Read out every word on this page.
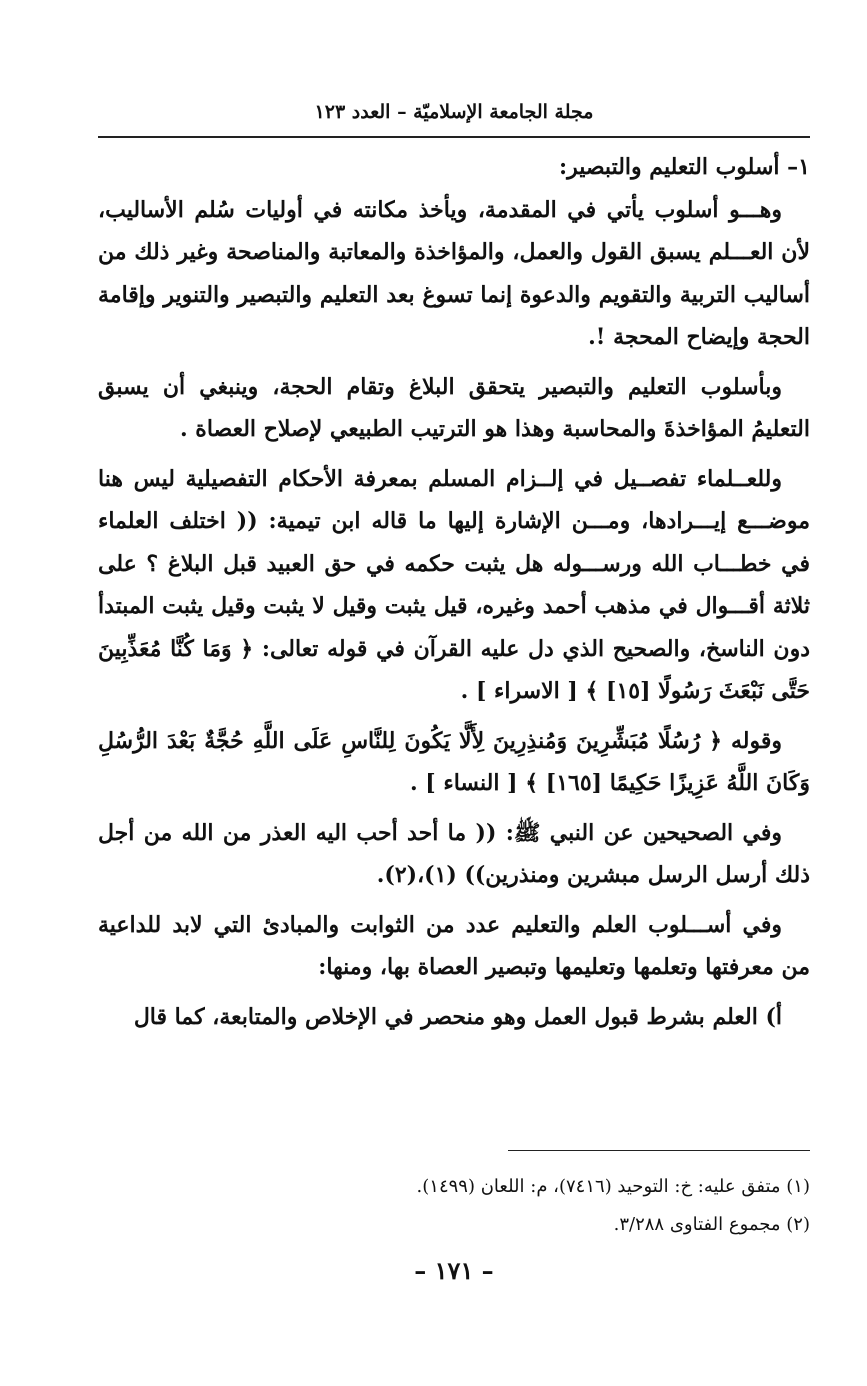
مجلة الجامعة الإسلاميّة – العدد ١٢٣

١– أسلوب التعليم والتبصير:

وهـــو أسلوب يأتي في المقدمة، ويأخذ مكانته في أوليات سُلم الأساليب، لأن العـــلم يسبق القول والعمل، والمؤاخذة والمعاتبة والمناصحة وغير ذلك من أساليب التربية والتقويم والدعوة إنما تسوغ بعد التعليم والتبصير والتنوير وإقامة الحجة وإيضاح المحجة !.

وبأسلوب التعليم والتبصير يتحقق البلاغ وتقام الحجة، وينبغي أن يسبق التعليمُ المؤاخذةَ والمحاسبة وهذا هو الترتيب الطبيعي لإصلاح العصاة .

وللعــلماء تفصــيل في إلــزام المسلم بمعرفة الأحكام التفصيلية ليس هنا موضـــع إيـــرادها، ومـــن الإشارة إليها ما قاله ابن تيمية: (( اختلف العلماء في خطـــاب الله ورســـوله هل يثبت حكمه في حق العبيد قبل البلاغ ؟ على ثلاثة أقـــوال في مذهب أحمد وغيره، قيل يثبت وقيل لا يثبت وقيل يثبت المبتدأ دون الناسخ، والصحيح الذي دل عليه القرآن في قوله تعالى: ﴿ وَمَا كُنَّا مُعَذِّبِينَ حَتَّى نَبْعَثَ رَسُولًا [١٥] ﴾ [ الاسراء ] .

وقوله ﴿ رُسُلًا مُبَشِّرِينَ وَمُنذِرِينَ لِأَلَّا يَكُونَ لِلنَّاسِ عَلَى اللَّهِ حُجَّةٌ بَعْدَ الرُّسُلِ وَكَانَ اللَّهُ عَزِيزًا حَكِيمًا [١٦٥] ﴾ [ النساء ] .

وفي الصحيحين عن النبي ﷺ: (( ما أحد أحب اليه العذر من الله من أجل ذلك أرسل الرسل مبشرين ومنذرين)) (١)،(٢).

وفي أســـلوب العلم والتعليم عدد من الثوابت والمبادئ التي لابد للداعية من معرفتها وتعلمها وتعليمها وتبصير العصاة بها، ومنها:

أ) العلم بشرط قبول العمل وهو منحصر في الإخلاص والمتابعة، كما قال

(١) متفق عليه: خ: التوحيد (٧٤١٦)، م: اللعان (١٤٩٩).

(٢) مجموع الفتاوى ٣/٢٨٨.

– ١٧١ –
